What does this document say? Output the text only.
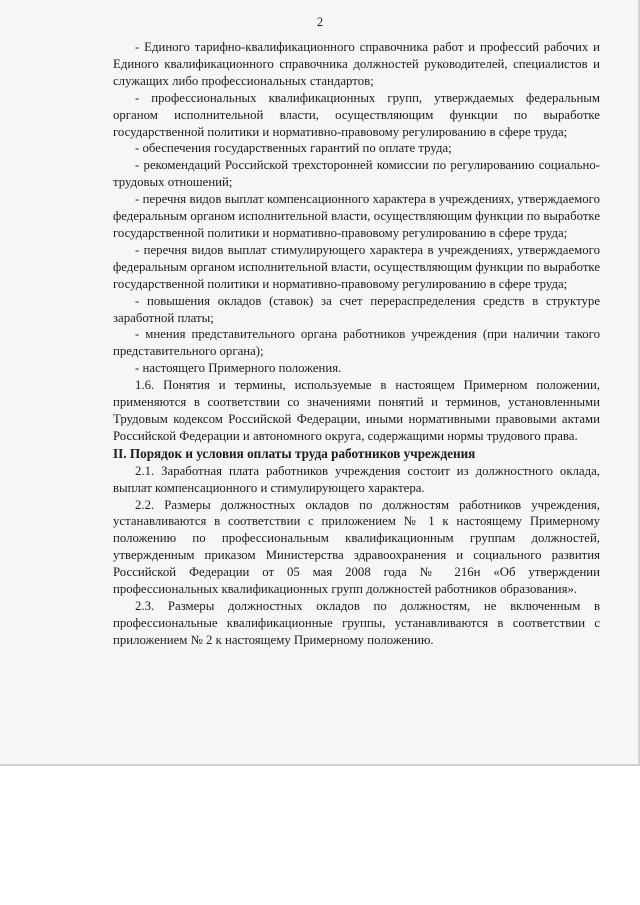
2

- Единого тарифно-квалификационного справочника работ и профессий рабочих и Единого квалификационного справочника должностей руководителей, специалистов и служащих либо профессиональных стандартов;

- профессиональных квалификационных групп, утверждаемых федеральным органом исполнительной власти, осуществляющим функции по выработке государственной политики и нормативно-правовому регулированию в сфере труда;

- обеспечения государственных гарантий по оплате труда;

- рекомендаций Российской трехсторонней комиссии по регулированию социально-трудовых отношений;

- перечня видов выплат компенсационного характера в учреждениях, утверждаемого федеральным органом исполнительной власти, осуществляющим функции по выработке государственной политики и нормативно-правовому регулированию в сфере труда;

- перечня видов выплат стимулирующего характера в учреждениях, утверждаемого федеральным органом исполнительной власти, осуществляющим функции по выработке государственной политики и нормативно-правовому регулированию в сфере труда;

- повышения окладов (ставок) за счет перераспределения средств в структуре заработной платы;

- мнения представительного органа работников учреждения (при наличии такого представительного органа);

- настоящего Примерного положения.

1.6. Понятия и термины, используемые в настоящем Примерном положении, применяются в соответствии со значениями понятий и терминов, установленными Трудовым кодексом Российской Федерации, иными нормативными правовыми актами Российской Федерации и автономного округа, содержащими нормы трудового права.

II. Порядок и условия оплаты труда работников учреждения

2.1. Заработная плата работников учреждения состоит из должностного оклада, выплат компенсационного и стимулирующего характера.

2.2. Размеры должностных окладов по должностям работников учреждения, устанавливаются в соответствии с приложением № 1 к настоящему Примерному положению по профессиональным квалификационным группам должностей, утвержденным приказом Министерства здравоохранения и социального развития Российской Федерации от 05 мая 2008 года № 216н «Об утверждении профессиональных квалификационных групп должностей работников образования».

2.3. Размеры должностных окладов по должностям, не включенным в профессиональные квалификационные группы, устанавливаются в соответствии с приложением № 2 к настоящему Примерному положению.
